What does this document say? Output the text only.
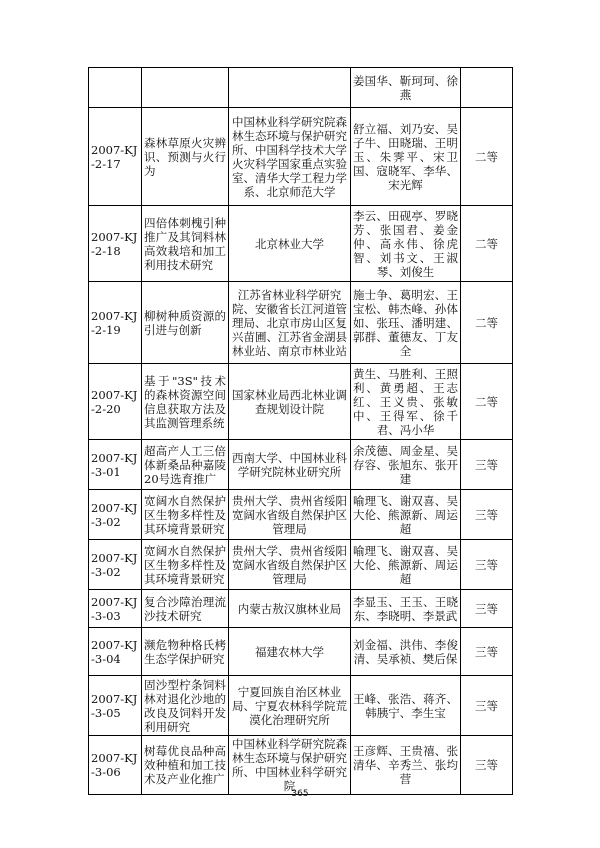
			姜国华、靳珂珂、徐燕	
2007-KJ-2-17	森林草原火灾辨识、预测与火行为	中国林业科学研究院森林生态环境与保护研究所、中国科学技术大学火灾科学国家重点实验室、清华大学工程力学系、北京师范大学	舒立福、刘乃安、吴子牛、田晓瑞、王明玉、朱霁平、宋卫国、寇晓军、李华、宋光辉	二等
2007-KJ-2-18	四倍体刺槐引种推广及其饲料林高效栽培和加工利用技术研究	北京林业大学	李云、田砚亭、罗晓芳、张国君、姜金仲、高永伟、徐虎智、刘书文、王淑琴、刘俊生	二等
2007-KJ-2-19	柳树种质资源的引进与创新	江苏省林业科学研究院、安徽省长江河道管理局、北京市房山区复兴苗圃、江苏省金湖县林业站、南京市林业站	施士争、葛明宏、王宝松、韩杰峰、孙体如、张珏、潘明建、郭群、董德友、丁友全	二等
2007-KJ-2-20	基于"3S"技术的森林资源空间信息获取方法及其监测管理系统	国家林业局西北林业调查规划设计院	黄生、马胜利、王照利、黄勇超、王志红、王义贵、张敏中、王得军、徐千君、冯小华	二等
2007-KJ-3-01	超高产人工三倍体新桑品种嘉陵20号选育推广	西南大学、中国林业科学研究院林业研究所	余茂德、周金星、吴存容、张旭东、张开建	三等
2007-KJ-3-02	宽阔水自然保护区生物多样性及其环境背景研究	贵州大学、贵州省绥阳宽阔水省级自然保护区管理局	喻理飞、谢双喜、吴大伦、熊源新、周运超	三等
2007-KJ-3-02	宽阔水自然保护区生物多样性及其环境背景研究	贵州大学、贵州省绥阳宽阔水省级自然保护区管理局	喻理飞、谢双喜、吴大伦、熊源新、周运超	三等
2007-KJ-3-03	复合沙障治理流沙技术研究	内蒙古敖汉旗林业局	李显玉、王玉、王晓东、李晓明、李景武	三等
2007-KJ-3-04	濒危物种格氏栲生态学保护研究	福建农林大学	刘金福、洪伟、李俊清、吴承祯、樊后保	三等
2007-KJ-3-05	固沙型柠条饲料林对退化沙地的改良及饲料开发利用研究	宁夏回族自治区林业局、宁夏农林科学院荒漠化治理研究所	王峰、张浩、蒋齐、韩胰宁、李生宝	三等
2007-KJ-3-06	树莓优良品种高效种植和加工技术及产业化推广	中国林业科学研究院森林生态环境与保护研究所、中国林业科学研究院	王彦辉、王贵禧、张清华、辛秀兰、张均营	三等
365
